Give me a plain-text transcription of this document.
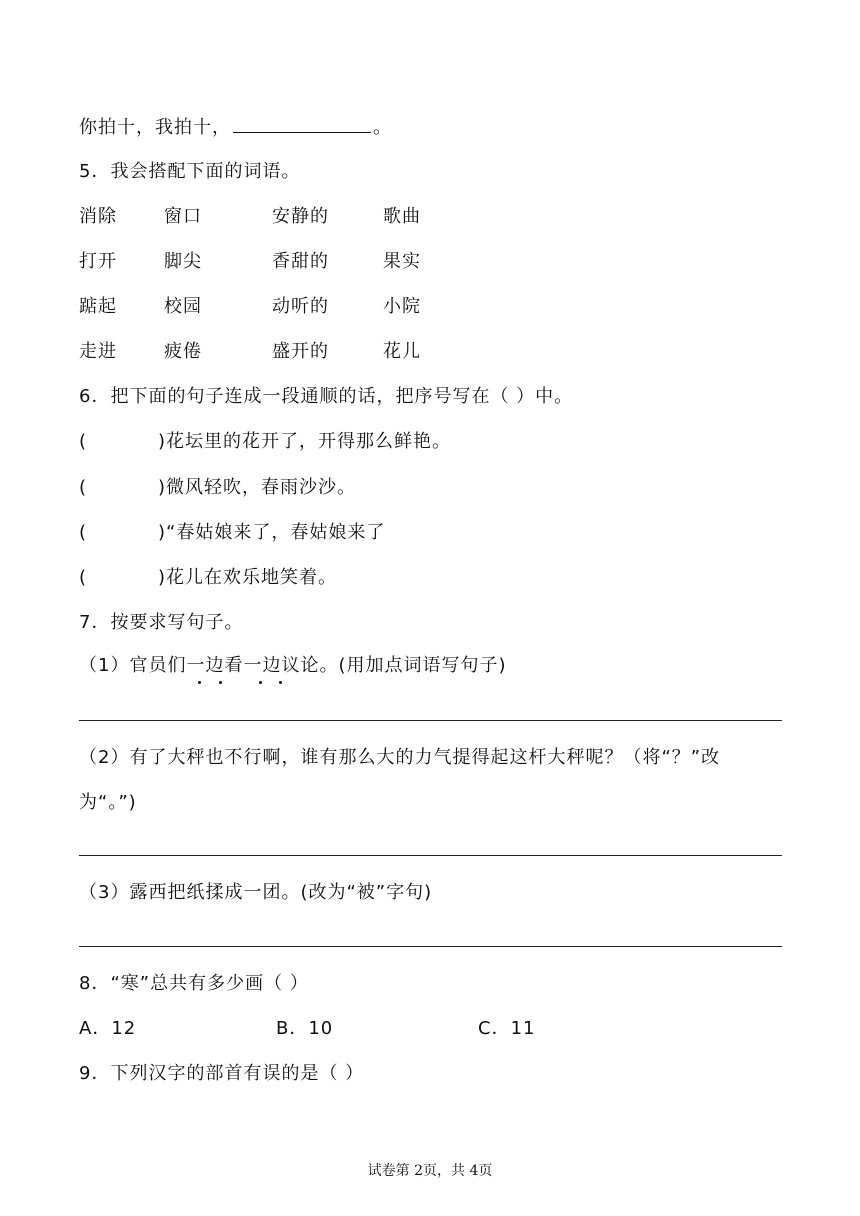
你拍十，我拍十，	。
5．我会搭配下面的词语。
消除	窗口	安静的	歌曲
打开	脚尖	香甜的	果实
踮起	校园	动听的	小院
走进	疲倦	盛开的	花儿
6．把下面的句子连成一段通顺的话，把序号写在（ ）中。
(	) 花坛里的花开了，开得那么鲜艳。
(	) 微风轻吹，春雨沙沙。
(	) “春姑娘来了，春姑娘来了
(	) 花儿在欢乐地笑着。
7．按要求写句子。
（1）官员们一边看一边议论。(用加点词语写句子)
（2）有了大秤也不行啊，谁有那么大的力气提得起这杆大秤呢？（将“？”改
为“。”)
（3）露西把纸揉成一团。(改为“被”字句)
8．“寒”总共有多少画（ ）
A．12	B．10	C．11
9．下列汉字的部首有误的是（ ）
试卷第 2页，共 4页
